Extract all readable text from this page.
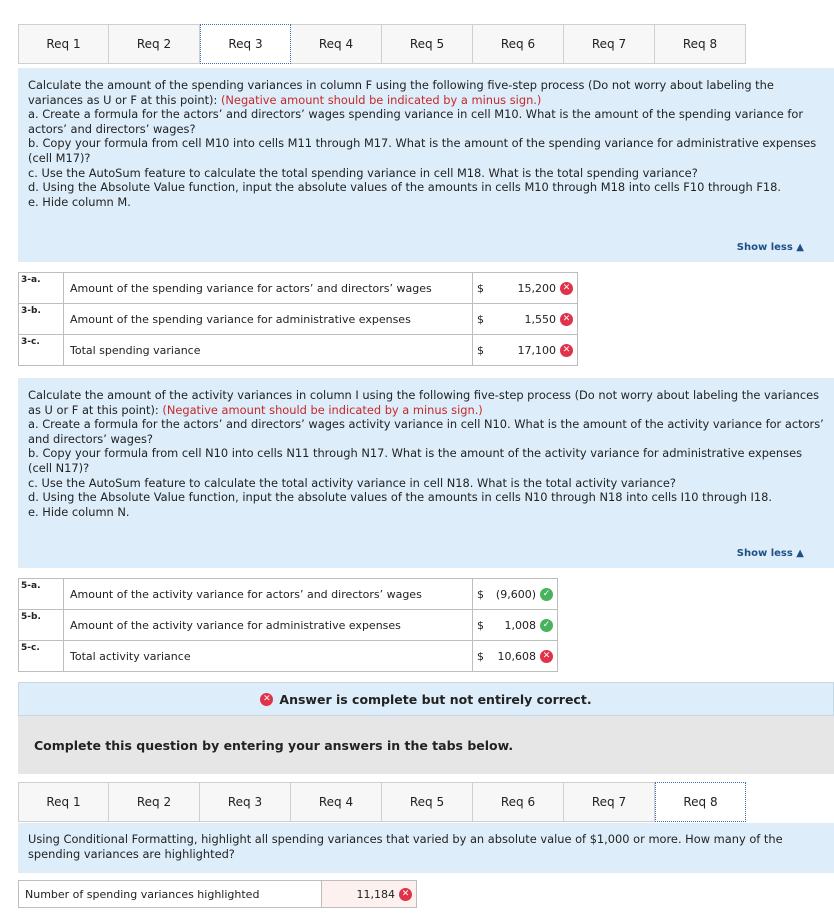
Req 1	Req 2	Req 3	Req 4	Req 5	Req 6	Req 7	Req 8

Calculate the amount of the spending variances in column F using the following five-step process (Do not worry about labeling the variances as U or F at this point): (Negative amount should be indicated by a minus sign.)

a. Create a formula for the actors’ and directors’ wages spending variance in cell M10. What is the amount of the spending variance for actors’ and directors’ wages?

b. Copy your formula from cell M10 into cells M11 through M17. What is the amount of the spending variance for administrative expenses (cell M17)?

c. Use the AutoSum feature to calculate the total spending variance in cell M18. What is the total spending variance?

d. Using the Absolute Value function, input the absolute values of the amounts in cells M10 through M18 into cells F10 through F18.

e. Hide column M.

Show less ▲
3-a.	Amount of the spending variance for actors’ and directors’ wages	$ 15,200 ✕

3-b.	Amount of the spending variance for administrative expenses	$ 1,550 ✕

3-c.	Total spending variance	$ 17,100 ✕

Calculate the amount of the activity variances in column I using the following five-step process (Do not worry about labeling the variances as U or F at this point): (Negative amount should be indicated by a minus sign.)

a. Create a formula for the actors’ and directors’ wages activity variance in cell N10. What is the amount of the activity variance for actors’ and directors’ wages?

b. Copy your formula from cell N10 into cells N11 through N17. What is the amount of the activity variance for administrative expenses (cell N17)?

c. Use the AutoSum feature to calculate the total activity variance in cell N18. What is the total activity variance?

d. Using the Absolute Value function, input the absolute values of the amounts in cells N10 through N18 into cells I10 through I18.

e. Hide column N.

Show less ▲
5-a.	Amount of the activity variance for actors’ and directors’ wages	$ (9,600) ✓

5-b.	Amount of the activity variance for administrative expenses	$ 1,008 ✓

5-c.	Total activity variance	$ 10,608 ✕
✕ Answer is complete but not entirely correct.
Complete this question by entering your answers in the tabs below.
Req 1	Req 2	Req 3	Req 4	Req 5	Req 6	Req 7	Req 8

Using Conditional Formatting, highlight all spending variances that varied by an absolute value of $1,000 or more. How many of the spending variances are highlighted?

Number of spending variances highlighted	11,184 ✕
